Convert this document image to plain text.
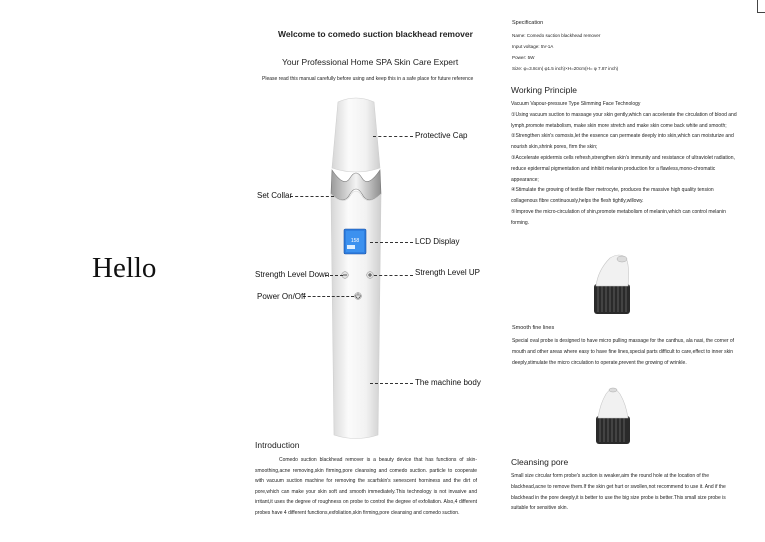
Hello
Welcome to comedo suction blackhead remover
Your Professional Home SPA Skin Care Expert
Please read this manual carefully before using and keep this in a safe place for future reference
158
Protective Cap
Set Collar
LCD Display
Strength Level Down	Strength Level UP
Power On/Off
The machine body
Introduction
Comedo suction blackhead remover is a beauty device that has functions of skin-smoothing,acne removing,skin firming,pore cleansing and comedo suction. particle to cooperate with vacuum suction machine for removing the scarfskin's senescent horniness and the dirt of pore,which can make your skin soft and smooth immediately.This technology is not invasive and irritant,it uses the degree of roughness on probe to control the degree of exfoliation. Also,4 different probes have 4 different functions,exfoliation,skin firming,pore cleansing and comedo suction.
Specification
Name: Comedo suction blackhead remover
Input voltage: 5V-1A
Power: 5W
Size: φ=3.8cm( φ1.5 inch)×H=20cm(H= φ 7.87 inch)
Working Principle
Vacuum Vapour-pressure Type Slimming Face Technology
①Using vacuum suction to massage your skin gently,which can accelerate the circulation of blood and lymph,promote metabolism, make skin more stretch and make skin come back white and smooth;
②Strengthen skin's osmosis,let the essence can permeate deeply into skin,which can moisturize and nourish skin,shrink pores, firm the skin;
③Accelerate epidermis cells refresh,strengthen skin's immunity and resistance of ultraviolet radiation, reduce epidermal pigmentation and inhibit melanin production for a flawless,mono-chromatic appearance;
④Stimulate the growing of textile fiber metrocyte, produces the massive high quality tension collagenous fibre continuously,helps the flesh tightly,willowy.
⑤Improve the micro-circulation of shin,promote metabolism of melanin,which can control melanin forming.
Smooth fine lines
Special oval probe is designed to have micro pulling massage for the canthus, ala nasi, the corner of mouth and other areas where easy to have fine lines,special parts difficult to care,effect to inner skin deeply,stimulate the micro circulation to operate,prevent the growing of wrinkle.
Cleansing pore
Small size circular form probe's suction is weaker,aim the round hole at the location of the blackhead,acne to remove them.If the skin get hurt or swollen,not recommend to use it. And if the blackhead in the pore deeply,it is better to use the big size probe is better.This small size probe is suitable for sensitive skin.
